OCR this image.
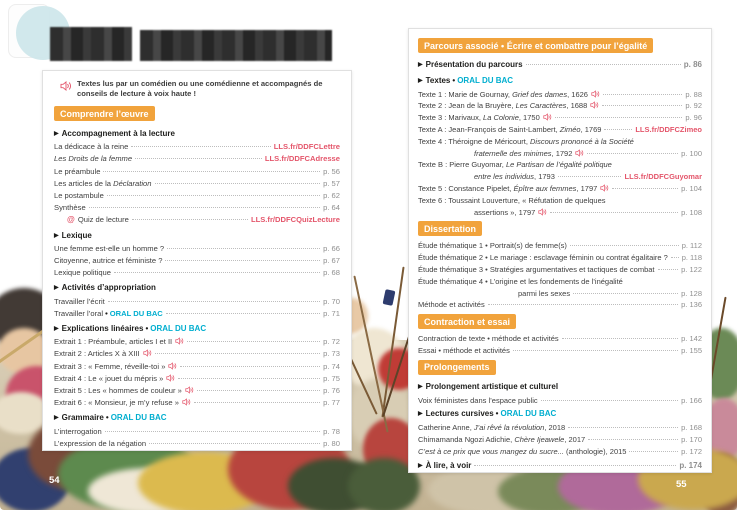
Textes lus par un comédien ou une comédienne et accompagnés de conseils de lecture à voix haute !
Comprendre l’œuvre
▶ Accompagnement à la lecture
La dédicace à la reine	LLS.fr/DDFCLettre
Les Droits de la femme	LLS.fr/DDFCAdresse
Le préambule	p. 56
Les articles de la Déclaration	p. 57
Le postambule	p. 62
Synthèse	p. 64
@ Quiz de lecture	LLS.fr/DDFCQuizLecture
▶ Lexique
Une femme est-elle un homme ?	p. 66
Citoyenne, autrice et féministe ?	p. 67
Lexique politique	p. 68
▶ Activités d’appropriation
Travailler l’écrit	p. 70
Travailler l’oral • ORAL DU BAC	p. 71
▶ Explications linéaires • ORAL DU BAC
Extrait 1 : Préambule, articles I et II	p. 72
Extrait 2 : Articles X à XIII	p. 73
Extrait 3 : « Femme, réveille-toi »	p. 74
Extrait 4 : Le « jouet du mépris »	p. 75
Extrait 5 : Les « hommes de couleur »	p. 76
Extrait 6 : « Monsieur, je m’y refuse »	p. 77
▶ Grammaire • ORAL DU BAC
L’interrogation	p. 78
L’expression de la négation	p. 80
Parcours associé • Écrire et combattre pour l’égalité
▶ Présentation du parcours	p. 86
▶ Textes • ORAL DU BAC
Texte 1 : Marie de Gournay, Grief des dames, 1626	p. 88
Texte 2 : Jean de la Bruyère, Les Caractères, 1688	p. 92
Texte 3 : Marivaux, La Colonie, 1750	p. 96
Texte A : Jean-François de Saint-Lambert, Ziméo, 1769	LLS.fr/DDFCZimeo
Texte 4 : Théroigne de Méricourt, Discours prononcé à la Société
fraternelle des minimes, 1792	p. 100
Texte B : Pierre Guyomar, Le Partisan de l’égalité politique
entre les individus, 1793	LLS.fr/DDFCGuyomar
Texte 5 : Constance Pipelet, Épître aux femmes, 1797	p. 104
Texte 6 : Toussaint Louverture, « Réfutation de quelques
assertions », 1797	p. 108
Dissertation
Étude thématique 1 • Portrait(s) de femme(s)	p. 112
Étude thématique 2 • Le mariage : esclavage féminin ou contrat égalitaire ? p. 118
Étude thématique 3 • Stratégies argumentatives et tactiques de combat	p. 122
Étude thématique 4 • L’origine et les fondements de l’inégalité
parmi les sexes	p. 128
Méthode et activités	p. 136
Contraction et essai
Contraction de texte • méthode et activités	p. 142
Essai • méthode et activités	p. 155
Prolongements
▶ Prolongement artistique et culturel
Voix féministes dans l’espace public	p. 166
▶ Lectures cursives • ORAL DU BAC
Catherine Anne, J’ai rêvé la révolution, 2018	p. 168
Chimamanda Ngozi Adichie, Chère Ijeawele, 2017	p. 170
C’est à ce prix que vous mangez du sucre... (anthologie), 2015	p. 172
▶ À lire, à voir	p. 174
54	55
